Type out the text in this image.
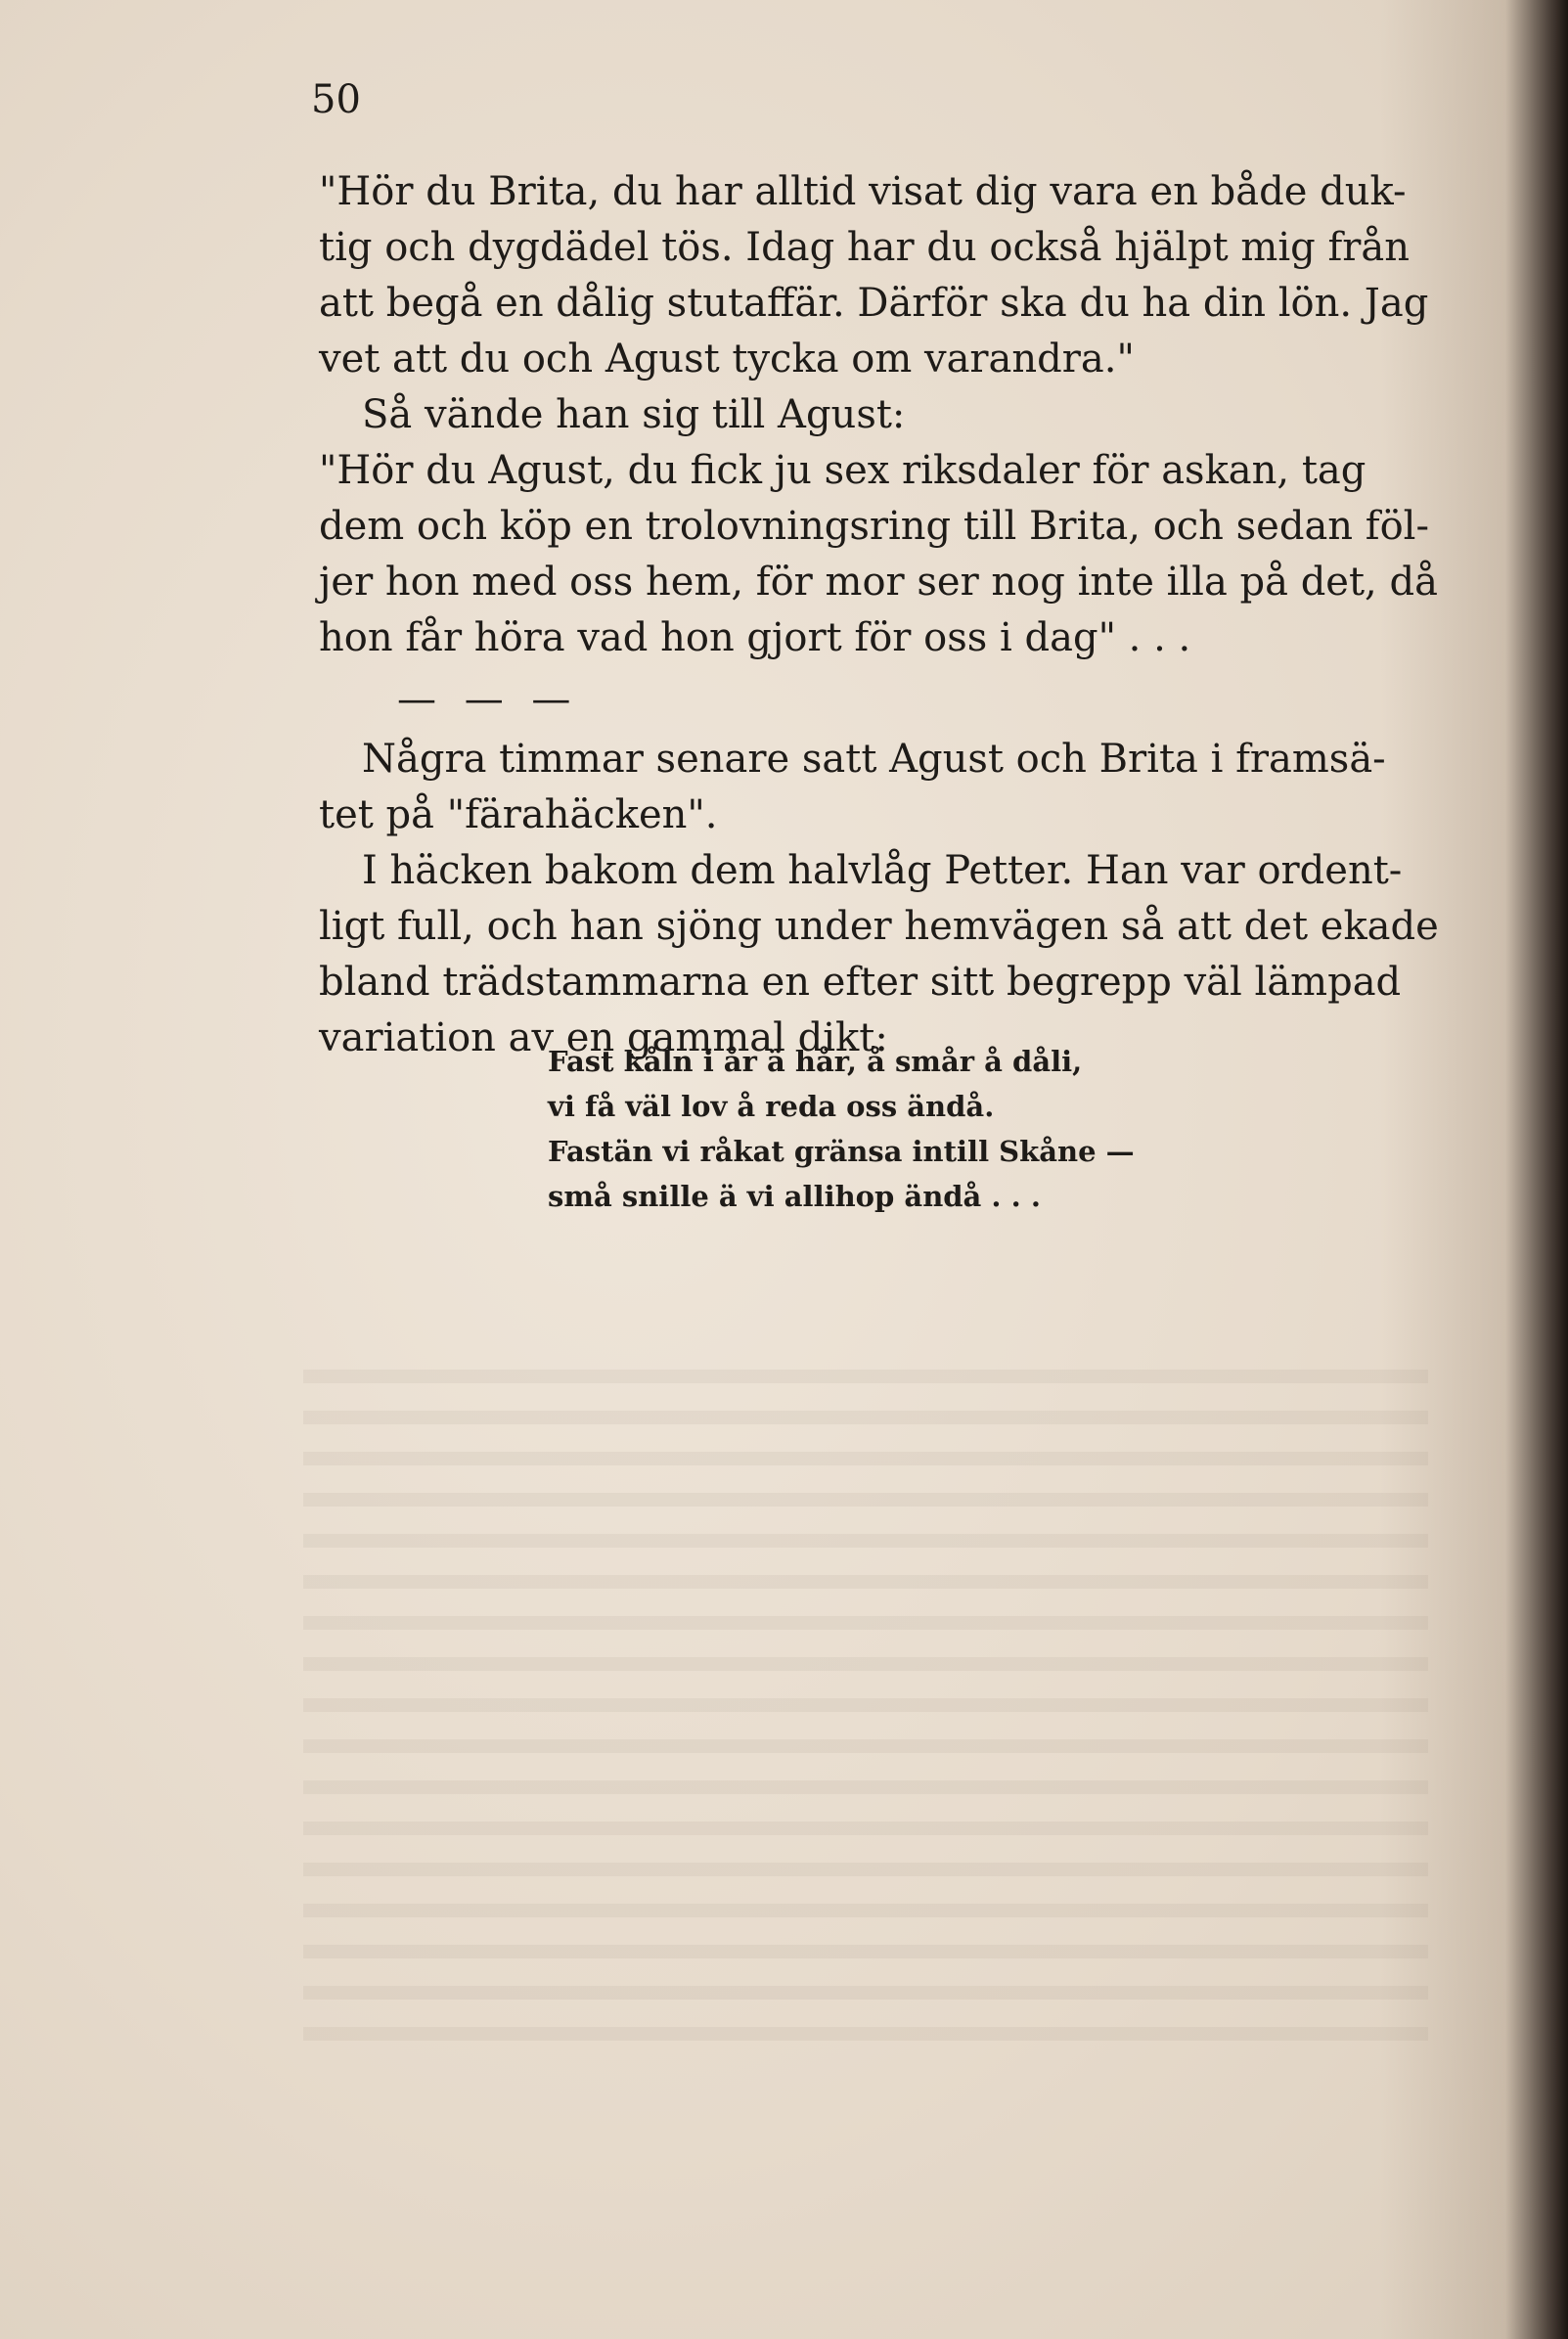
50

"Hör du Brita, du har alltid visat dig vara en både duk-
tig och dygdädel tös. Idag har du också hjälpt mig från
att begå en dålig stutaffär. Därför ska du ha din lön. Jag
vet att du och Agust tycka om varandra."

Så vände han sig till Agust:

"Hör du Agust, du fick ju sex riksdaler för askan, tag
dem och köp en trolovningsring till Brita, och sedan föl-
jer hon med oss hem, för mor ser nog inte illa på det, då
hon får höra vad hon gjort för oss i dag" . . .

— — —

Några timmar senare satt Agust och Brita i framsä-
tet på "färahäcken".

I häcken bakom dem halvlåg Petter. Han var ordent-
ligt full, och han sjöng under hemvägen så att det ekade
bland trädstammarna en efter sitt begrepp väl lämpad
variation av en gammal dikt:

Fast kåln i år ä hår, å smår å dåli,

vi få väl lov å reda oss ändå.

Fastän vi råkat gränsa intill Skåne —

små snille ä vi allihop ändå . . .
